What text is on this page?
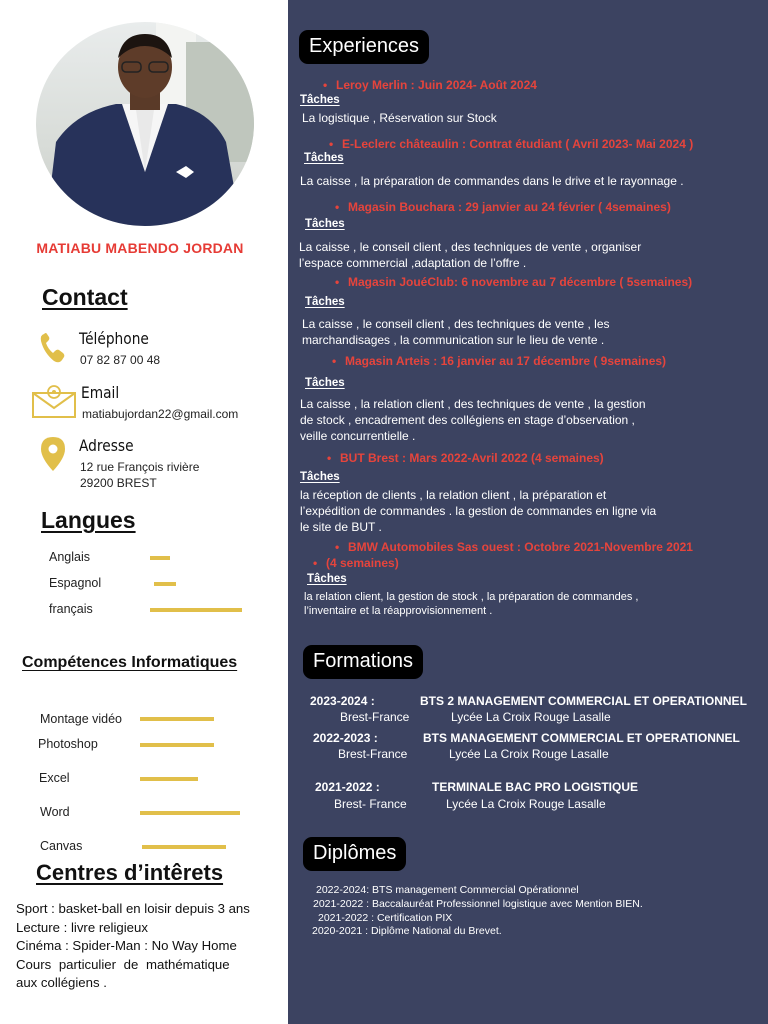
MATIABU MABENDO JORDAN
Contact
Téléphone
07 82 87 00 48
Email
matiabujordan22@gmail.com
Adresse
12 rue François rivière
29200 BREST
Langues
Anglais
Espagnol
français
Compétences Informatiques
Montage vidéo
Photoshop
Excel
Word
Canvas
Centres d’intêrets
Sport : basket-ball en loisir depuis 3 ans
Lecture : livre religieux
Cinéma : Spider-Man : No Way Home
Cours particulier de mathématique
aux collégiens .
Experiences
• Leroy Merlin : Juin 2024- Août 2024
Tâches
La logistique , Réservation sur Stock
• E-Leclerc châteaulin : Contrat étudiant ( Avril 2023- Mai 2024 )
Tâches
La caisse , la préparation de commandes dans le drive et le rayonnage .
• Magasin Bouchara : 29 janvier au 24 février ( 4semaines)
Tâches
La caisse , le conseil client , des techniques de vente , organiser
l’espace commercial ,adaptation de l’offre .
• Magasin JouéClub: 6 novembre au 7 décembre ( 5semaines)
Tâches
La caisse , le conseil client , des techniques de vente , les
marchandisages , la communication sur le lieu de vente .
• Magasin Arteis : 16 janvier au 17 décembre ( 9semaines)
Tâches
La caisse , la relation client , des techniques de vente , la gestion
de stock , encadrement des collégiens en stage d’observation ,
veille concurrentielle .
• BUT Brest : Mars 2022-Avril 2022 (4 semaines)
Tâches
la réception de clients , la relation client , la préparation et
l’expédition de commandes . la gestion de commandes en ligne via
le site de BUT .
• BMW Automobiles Sas ouest : Octobre 2021-Novembre 2021
• (4 semaines)
Tâches
la relation client, la gestion de stock , la préparation de commandes ,
l’inventaire et la réapprovisionnement .
Formations
2023-2024 :	BTS 2 MANAGEMENT COMMERCIAL ET OPERATIONNEL
Brest-France	Lycée La Croix Rouge Lasalle
2022-2023 :	BTS MANAGEMENT COMMERCIAL ET OPERATIONNEL
Brest-France	Lycée La Croix Rouge Lasalle
2021-2022 :	TERMINALE BAC PRO LOGISTIQUE
Brest- France	Lycée La Croix Rouge Lasalle
Diplômes
2022-2024: BTS management Commercial Opérationnel
2021-2022 : Baccalauréat Professionnel logistique avec Mention BIEN.
2021-2022 : Certification PIX
2020-2021 : Diplôme National du Brevet.
